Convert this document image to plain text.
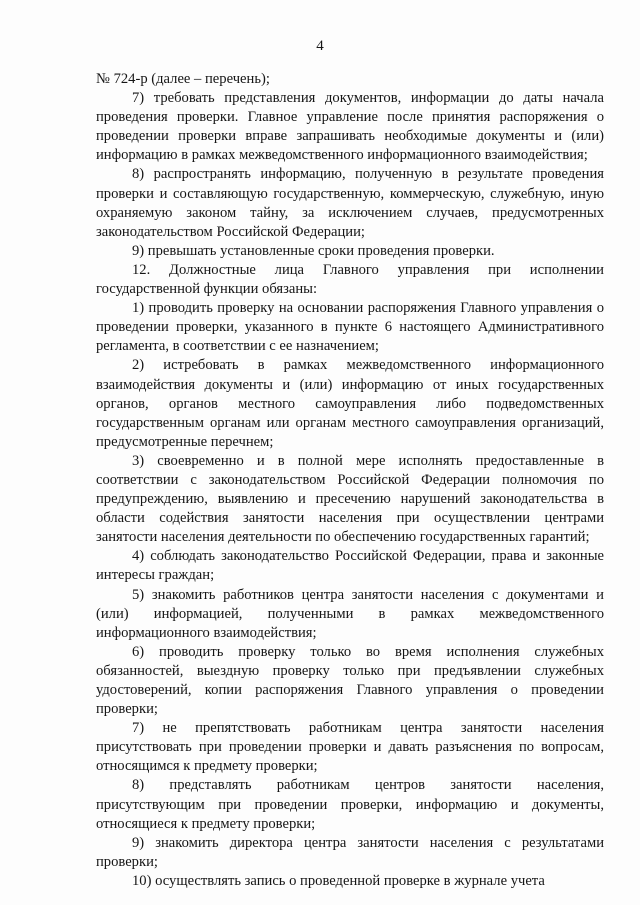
4

№ 724-р (далее – перечень);

7) требовать представления документов, информации до даты начала проведения проверки. Главное управление после принятия распоряжения о проведении проверки вправе запрашивать необходимые документы и (или) информацию в рамках межведомственного информационного взаимодействия;

8) распространять информацию, полученную в результате проведения проверки и составляющую государственную, коммерческую, служебную, иную охраняемую законом тайну, за исключением случаев, предусмотренных законодательством Российской Федерации;

9) превышать установленные сроки проведения проверки.

12. Должностные лица Главного управления при исполнении государственной функции обязаны:

1) проводить проверку на основании распоряжения Главного управления о проведении проверки, указанного в пункте 6 настоящего Административного регламента, в соответствии с ее назначением;

2) истребовать в рамках межведомственного информационного взаимодействия документы и (или) информацию от иных государственных органов, органов местного самоуправления либо подведомственных государственным органам или органам местного самоуправления организаций, предусмотренные перечнем;

3) своевременно и в полной мере исполнять предоставленные в соответствии с законодательством Российской Федерации полномочия по предупреждению, выявлению и пресечению нарушений законодательства в области содействия занятости населения при осуществлении центрами занятости населения деятельности по обеспечению государственных гарантий;

4) соблюдать законодательство Российской Федерации, права и законные интересы граждан;

5) знакомить работников центра занятости населения с документами и (или) информацией, полученными в рамках межведомственного информационного взаимодействия;

6) проводить проверку только во время исполнения служебных обязанностей, выездную проверку только при предъявлении служебных удостоверений, копии распоряжения Главного управления о проведении проверки;

7) не препятствовать работникам центра занятости населения присутствовать при проведении проверки и давать разъяснения по вопросам, относящимся к предмету проверки;

8) представлять работникам центров занятости населения, присутствующим при проведении проверки, информацию и документы, относящиеся к предмету проверки;

9) знакомить директора центра занятости населения с результатами проверки;

10) осуществлять запись о проведенной проверке в журнале учета
